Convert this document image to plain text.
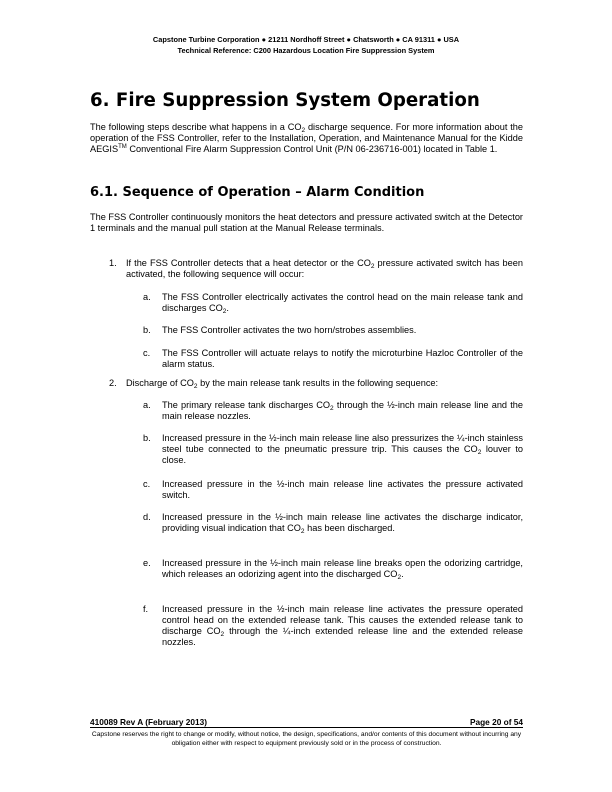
Capstone Turbine Corporation ● 21211 Nordhoff Street ● Chatsworth ● CA 91311 ● USA
Technical Reference: C200 Hazardous Location Fire Suppression System
6. Fire Suppression System Operation

The following steps describe what happens in a $CO_2$ discharge sequence. For more information about the operation of the FSS Controller, refer to the Installation, Operation, and Maintenance Manual for the Kidde AEGIS™ Conventional Fire Alarm Suppression Control Unit (P/N 06-236716-001) located in Table 1.

6.1. Sequence of Operation – Alarm Condition

The FSS Controller continuously monitors the heat detectors and pressure activated switch at the Detector 1 terminals and the manual pull station at the Manual Release terminals.

1. If the FSS Controller detects that a heat detector or the $CO_2$ pressure activated switch has been activated, the following sequence will occur:
a. The FSS Controller electrically activates the control head on the main release tank and discharges $CO_2$.
b. The FSS Controller activates the two horn/strobes assemblies.
c. The FSS Controller will actuate relays to notify the microturbine Hazloc Controller of the alarm status.
2. Discharge of $CO_2$ by the main release tank results in the following sequence:
a. The primary release tank discharges $CO_2$ through the ½-inch main release line and the main release nozzles.
b. Increased pressure in the ½-inch main release line also pressurizes the ¼-inch stainless steel tube connected to the pneumatic pressure trip. This causes the $CO_2$ louver to close.
c. Increased pressure in the ½-inch main release line activates the pressure activated switch.
d. Increased pressure in the ½-inch main release line activates the discharge indicator, providing visual indication that $CO_2$ has been discharged.
e. Increased pressure in the ½-inch main release line breaks open the odorizing cartridge, which releases an odorizing agent into the discharged $CO_2$.
f. Increased pressure in the ½-inch main release line activates the pressure operated control head on the extended release tank. This causes the extended release tank to discharge $CO_2$ through the ¼-inch extended release line and the extended release nozzles.
410089 Rev A (February 2013)	Page 20 of 54
Capstone reserves the right to change or modify, without notice, the design, specifications, and/or contents of this document without incurring any obligation either with respect to equipment previously sold or in the process of construction.
